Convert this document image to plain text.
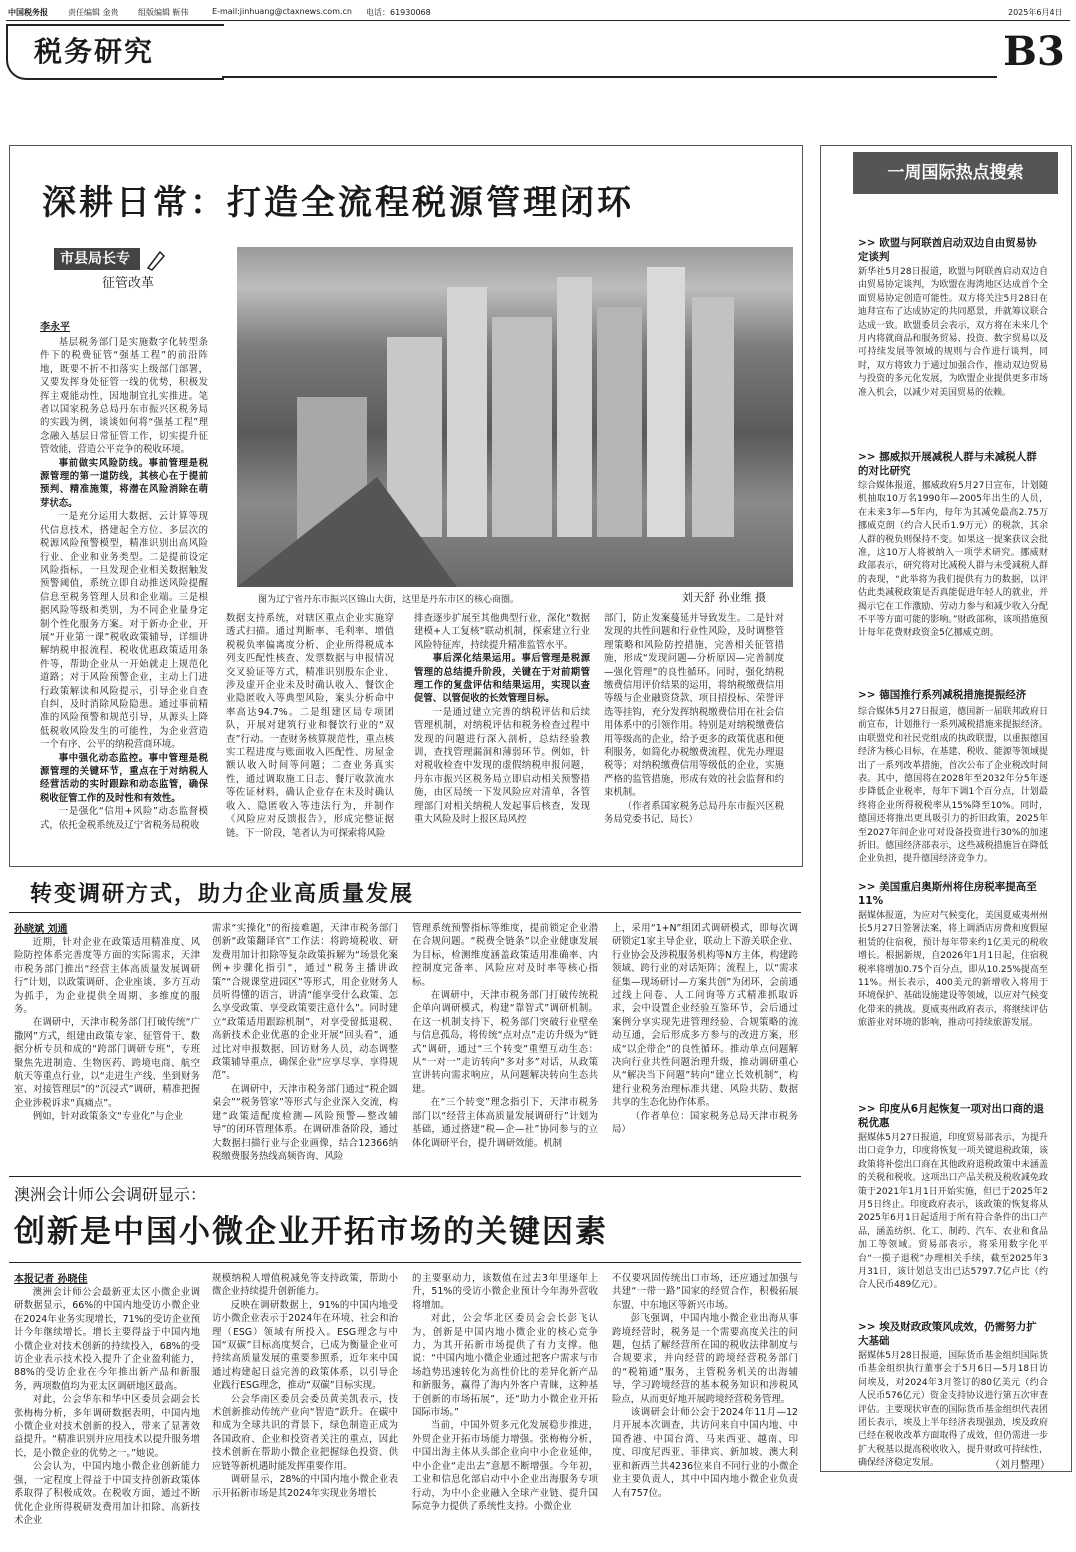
中国税务报	责任编辑 金贵 组版编辑 靳伟	E-mail:jinhuang@ctaxnews.com.cn 电话：61930068	2025年6月4日
税务研究	B3
深耕日常：打造全流程税源管理闭环
市县局长专栏	征管改革
李永平
图为辽宁省丹东市振兴区锦山大街，这里是丹东市区的核心商圈。	刘天舒 孙业维 摄
基层税务部门是实施数字化转型条件下的税费征管“强基工程”的前沿阵地，既要不折不扣落实上级部门部署，又要发挥身处征管一线的优势，积极发挥主观能动性，因地制宜扎实推进。笔者以国家税务总局丹东市振兴区税务局的实践为例，谈谈如何将“强基工程”理念融入基层日常征管工作，切实提升征管效能，营造公平竞争的税收环境。
事前做实风险防线。事前管理是税源管理的第一道防线，其核心在于提前预判、精准施策，将潜在风险消除在萌芽状态。
一是充分运用大数据、云计算等现代信息技术，搭建起全方位、多层次的税源风险预警模型，精准识别出高风险行业、企业和业务类型。二是提前设定风险指标，一旦发现企业相关数据触发预警阈值，系统立即自动推送风险提醒信息至税务管理人员和企业端。三是根据风险等级和类别，为不同企业量身定制个性化服务方案。对于新办企业，开展“开业第一课”税收政策辅导，详细讲解纳税申报流程、税收优惠政策适用条件等，帮助企业从一开始就走上规范化道路；对于风险预警企业，主动上门进行政策解读和风险提示，引导企业自查自纠，及时消除风险隐患。通过事前精准的风险预警和规范引导，从源头上降低税收风险发生的可能性，为企业营造一个有序、公平的纳税营商环境。
事中强化动态监控。事中管理是税源管理的关键环节，重点在于对纳税人经营活动的实时跟踪和动态监管，确保税收征管工作的及时性和有效性。
一是强化“信用+风险”动态监督模式，依托金税系统及辽宁省税务局税收
数据支持系统，对辖区重点企业实施穿透式扫描。通过判断率、毛利率、增值税税负率偏离度分析、企业所得税成本列支匹配性核查、发票数据与申报情况交叉验证等方式，精准识别股东企业、涉及虚开企业未及时确认收入、餐饮企业隐匿收入等典型风险，案头分析命中率高达94.7%。二是组建区局专项团队，开展对建筑行业和餐饮行业的“双查”行动。一查财务核算规范性，重点核实工程进度与账面收入匹配性、房屋金额认收入时间等问题；二查业务真实性，通过调取施工日志、餐厅收款流水等佐证材料，确认企业存在未及时确认收入、隐匿收入等违法行为，并制作《风险应对反馈报告》，形成完整证据链。下一阶段，笔者认为可探索将风险
排查逐步扩展至其他典型行业，深化“数据建模+人工复核”联动机制，探索建立行业风险特征库，持续提升精准监管水平。
事后深化结果运用。事后管理是税源管理的总结提升阶段，关键在于对前期管理工作的复盘评估和结果运用，实现以查促管、以管促收的长效管理目标。
一是通过建立完善的纳税评估和后续管理机制，对纳税评估和税务检查过程中发现的问题进行深入剖析，总结经验教训，查找管理漏洞和薄弱环节。例如，针对税收检查中发现的虚假纳税申报问题，丹东市振兴区税务局立即启动相关预警措施，由区局统一下发风险应对清单，各管理部门对相关纳税人发起事后核查，发现重大风险及时上报区局风控
部门，防止发案蔓延并导致发生。二是针对发现的共性问题和行业性风险，及时调整管理策略和风险防控措施，完善相关征管措施，形成“发现问题—分析原因—完善制度—强化管理”的良性循环。同时，强化纳税缴费信用评价结果的运用，将纳税缴费信用等级与企业融资贷款、项目招投标、荣誉评选等挂钩，充分发挥纳税缴费信用在社会信用体系中的引领作用。特别是对纳税缴费信用等级高的企业，给予更多的政策优惠和便利服务，如简化办税缴费流程、优先办理退税等；对纳税缴费信用等级低的企业，实施严格的监管措施，形成有效的社会监督和约束机制。
（作者系国家税务总局丹东市振兴区税务局党委书记、局长）
转变调研方式，助力企业高质量发展
孙晓斌 刘通
近期，针对企业在政策适用精准度、风险防控体系完善度等方面的实际需求，天津市税务部门推出“经营主体高质量发展调研行”计划，以政策调研、企业座谈、多方互动为抓手，为企业提供全周期、多维度的服务。
在调研中，天津市税务部门打破传统“广撒网”方式，组建由政策专家、征管骨干、数据分析专员和成的“跨部门调研专班”，专班聚焦先进制造、生物医药、跨境电商、航空航天等重点行业，以“走进生产线、坐到财务室、对接管理层”的“沉浸式”调研，精准把握企业涉税诉求“真痛点”。
例如，针对政策条文“专业化”与企业
需求“实操化”的衔接难题，天津市税务部门创新“政策翻译官”工作法：将跨境税收、研发费用加计扣除等复杂政策拆解为“场景化案例+步骤化指引”，通过“税务主播讲政策”“合规课堂进园区”等形式，用企业财务人员听得懂的语言，讲清“能享受什么政策、怎么享受政策、享受政策要注意什么”。同时建立“政策适用跟踪机制”，对享受留抵退税、高新技术企业优惠的企业开展“回头看”，通过比对申报数据、回访财务人员，动态调整政策辅导重点，确保企业“应享尽享、享得规范”。
在调研中，天津市税务部门通过“税企圆桌会”“税务管家”等形式与企业深入交流，构建“政策适配度检测—风险预警—整改辅导”的闭环管理体系。在调研准备阶段，通过大数据扫描行业与企业画像，结合12366纳税缴费服务热线高频咨询、风险
管理系统预警指标等维度，提前锁定企业潜在合规问题。“税费全链条”以企业健康发展为目标，检测维度涵盖政策适用准确率、内控制度完备率、风险应对及时率等核心指标。
在调研中，天津市税务部门打破传统税企单向调研模式，构建“靠智式”调研机制。在这一机制支持下，税务部门突破行业壁垒与信息孤岛，将传统“点对点”走访升级为“链式”调研，通过“三个转变”重塑互动生态：从“一对一”走访转向“多对多”对话，从政策宣讲转向需求响应，从问题解决转向生态共建。
在“三个转变”理念指引下，天津市税务部门以“经营主体高质量发展调研行”计划为基础，通过搭建“税—企—社”协同参与的立体化调研平台，提升调研效能。机制
上，采用“1+N”组团式调研模式，即每次调研锁定1家主导企业，联动上下游关联企业、行业协会及涉税服务机构等N方主体，构建跨领域、跨行业的对话矩阵；流程上，以“需求征集—现场研讨—方案共创”为闭环，会前通过线上问卷、人工问询等方式精准抓取诉求，会中设置企业经验互鉴环节，会后通过案例分享实现先进管理经验、合规策略的流动互通，会后形成多方参与的改进方案，形成“以企带企”的良性循环。推动单点问题解决向行业共性问题治理升级，推动调研重心从“解决当下问题”转向“建立长效机制”，构建行业税务治理标准共建、风险共防、数据共享的生态化协作体系。
（作者单位：国家税务总局天津市税务局）
澳洲会计师公会调研显示：
创新是中国小微企业开拓市场的关键因素
本报记者 孙晓佳
澳洲会计师公会最新亚太区小微企业调研数据显示，66%的中国内地受访小微企业在2024年业务实现增长，71%的受访企业预计今年继续增长。增长主要得益于中国内地小微企业对技术创新的持续投入，68%的受访企业表示技术投入提升了企业盈利能力，88%的受访企业在今年推出新产品和新服务，两项数值均为亚太区调研地区最高。
对此，公会华东和华中区委员会副会长张梅梅分析，多年调研数据表明，中国内地小微企业对技术创新的投入，带来了显著效益提升。“精准识别并应用技术以提升服务增长，是小微企业的优势之一。”她说。
公会认为，中国内地小微企业创新能力强，一定程度上得益于中国支持创新政策体系取得了积极成效。在税收方面，通过不断优化企业所得税研发费用加计扣除、高新技术企业
规模纳税人增值税减免等支持政策，帮助小微企业持续提升创新能力。
反映在调研数据上，91%的中国内地受访小微企业表示于2024年在环境、社会和治理（ESG）领域有所投入。ESG理念与中国“双碳”目标高度契合，已成为衡量企业可持续高质量发展的重要参照系，近年来中国通过构建起日益完善的政策体系，以引导企业践行ESG理念，推动“双碳”目标实现。
公会华南区委员会委员黄美凯表示，技术创新推动传统产业向“智造”跃升。在碳中和成为全球共识的背景下，绿色制造正成为各国政府、企业和投资者关注的重点，因此技术创新在帮助小微企业把握绿色投资、供应链等新机遇时能发挥重要作用。
调研显示，28%的中国内地小微企业表示开拓新市场是其2024年实现业务增长
的主要驱动力，该数值在过去3年里逐年上升，51%的受访小微企业预计今年海外营收将增加。
对此，公会华北区委员会会长彭飞认为，创新是中国内地小微企业的核心竞争力，为其开拓新市场提供了有力支撑。他说：“中国内地小微企业通过把客户需求与市场趋势迅速转化为高性价比的差异化新产品和新服务，赢得了海内外客户青睐，这种基于创新的市场拓展”，还“助力小微企业开拓国际市场。”
当前，中国外贸多元化发展稳步推进，外贸企业开拓市场能力增强。张梅梅分析，中国出海主体从头部企业向中小企业延伸，中小企业“走出去”意愿不断增强。今年初，工业和信息化部启动中小企业出海服务专项行动，为中小企业融入全球产业链、提升国际竞争力提供了系统性支持。小微企业
不仅要巩固传统出口市场，还应通过加强与共建“一带一路”国家的经贸合作，积极拓展东盟、中东地区等新兴市场。
彭飞强调，中国内地小微企业出海从事跨境经营时，税务是一个需要高度关注的问题，包括了解经营所在国的税收法律制度与合规要求，并向经营的跨境经营税务部门的“税箱通”服务，主管税务机关的出海辅导，学习跨境经营的基本税务知识和涉税风险点，从而更好地开展跨境经营税务管理。
该调研会计师公会于2024年11月—12月开展本次调查，共访问来自中国内地、中国香港、中国台湾、马来西亚、越南、印度、印度尼西亚、菲律宾、新加坡、澳大利亚和新西兰共4236位来自不同行业的小微企业主要负责人，其中中国内地小微企业负责人有757位。
一周国际热点搜索
>> 欧盟与阿联酋启动双边自由贸易协定谈判
新华社5月28日报道，欧盟与阿联酋启动双边自由贸易协定谈判，为欧盟在海湾地区达成首个全面贸易协定创造可能性。双方将关注5月28日在迪拜宣布了达成协定的共同愿景，并就筹议联合达成一致。欧盟委员会表示，双方将在未来几个月内将就商品和服务贸易、投资、数字贸易以及可持续发展等领域的规则与合作进行谈判，同时，双方将致力于通过加强合作，推动双边贸易与投资的多元化发展，为欧盟企业提供更多市场准入机会，以减少对美国贸易的依赖。
>> 挪威拟开展减税人群与未减税人群的对比研究
综合媒体报道，挪威政府5月27日宣布，计划随机抽取10万名1990年—2005年出生的人员，在未来3年—5年内，每年为其减免最高2.75万挪威克朗（约合人民币1.9万元）的税款，其余人群的税负则保持不变。如果这一提案获议会批准，这10万人将被纳入一项学术研究。挪威财政部表示，研究将对比减税人群与未受减税人群的表现，“此举将为我们提供有力的数据，以评估此类减税政策是否真能促进年轻人的就业，并揭示它在工作激励、劳动力参与和减少收入分配不平等方面可能的影响。”财政部称，该项措施预计每年花费财政资金5亿挪威克朗。
>> 德国推行系列减税措施提振经济
综合媒体5月27日报道，德国新一届联邦政府日前宣布，计划推行一系列减税措施来提振经济。由联盟党和社民党组成的执政联盟，以重振德国经济为核心目标，在基建、税收、能源等领域提出了一系列改革措施，首次公布了企业税改时间表。其中，德国将在2028年至2032年分5年逐步降低企业税率，每年下调1个百分点，计划最终将企业所得税税率从15%降至10%。同时，德国还将推出更具吸引力的折旧政策，2025年至2027年间企业可对设备投资进行30%的加速折旧。德国经济部表示，这些减税措施旨在降低企业负担，提升德国经济竞争力。
>> 美国重启奥斯州将住房税率提高至11%
据媒体报道，为应对气候变化，美国夏威夷州州长5月27日签署法案，将上调酒店房费和度假屋租赁的住宿税，预计每年带来约1亿美元的税收增长。根据新规，自2026年1月1日起，住宿税税率将增加0.75个百分点，即从10.25%提高至11%。州长表示，400美元的新增收入将用于环境保护、基础设施建设等领域，以应对气候变化带来的挑战。夏威夷州政府表示，将继续评估旅游业对环境的影响，推动可持续旅游发展。
>> 印度从6月起恢复一项对出口商的退税优惠
据媒体5月27日报道，印度贸易部表示，为提升出口竞争力，印度将恢复一项关键退税政策，该政策将补偿出口商在其他政府退税政策中未涵盖的关税和税收。这项出口产品关税及税收减免政策于2021年1月1日开始实施，但已于2025年2月5日终止。印度政府表示，该政策的恢复将从2025年6月1日起适用于所有符合条件的出口产品，涵盖纺织、化工、制药、汽车、农业和食品加工等领域。贸易部表示，将采用数字化平台“一揽子退税”办理相关手续，截至2025年3月31日，该计划总支出已达5797.7亿卢比（约合人民币489亿元）。
>> 埃及财政政策风成效，仍需努力扩大基础
据媒体5月28日报道，国际货币基金组织国际货币基金组织执行董事会于5月6日—5月18日访问埃及，对2024年3月签订的80亿美元（约合人民币576亿元）资金支持协议进行第五次审查评估。主要现状审查的国际货币基金组织代表团团长表示，埃及上半年经济表现强劲，埃及政府已经在税收改革方面取得了成效，但仍需进一步扩大税基以提高税收收入，提升财政可持续性，确保经济稳定发展。	（刘月整理）
